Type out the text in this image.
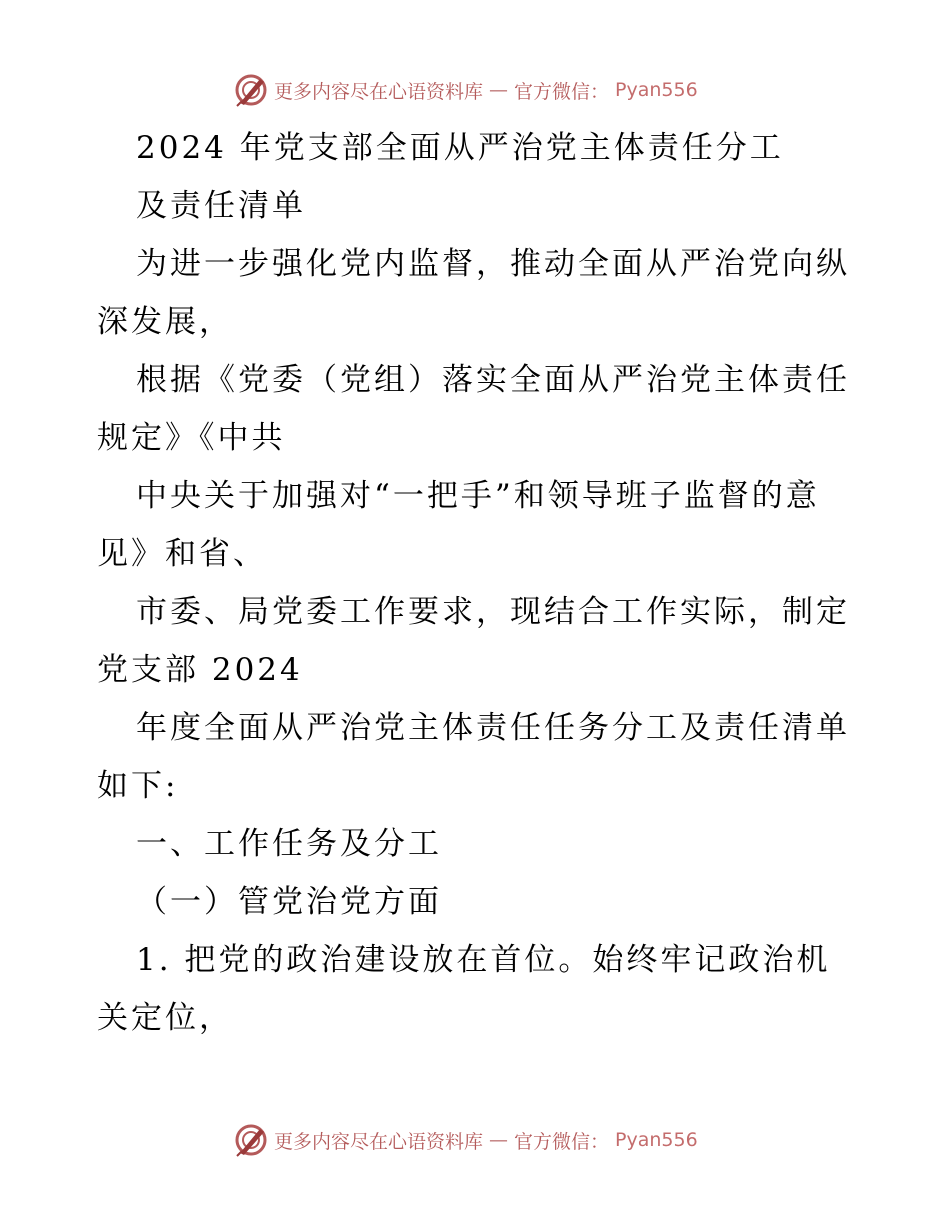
更多内容尽在心语资料库 — 官方微信： Pyan556
2024 年党支部全面从严治党主体责任分工
及责任清单
为进一步强化党内监督，推动全面从严治党向纵
深发展，
根据《党委（党组）落实全面从严治党主体责任
规定》《中共
中央关于加强对“一把手”和领导班子监督的意
见》和省、
市委、局党委工作要求，现结合工作实际，制定
党支部 2024
年度全面从严治党主体责任任务分工及责任清单
如下:
一、工作任务及分工
（一）管党治党方面
1. 把党的政治建设放在首位。始终牢记政治机
关定位，
更多内容尽在心语资料库 — 官方微信： Pyan556
